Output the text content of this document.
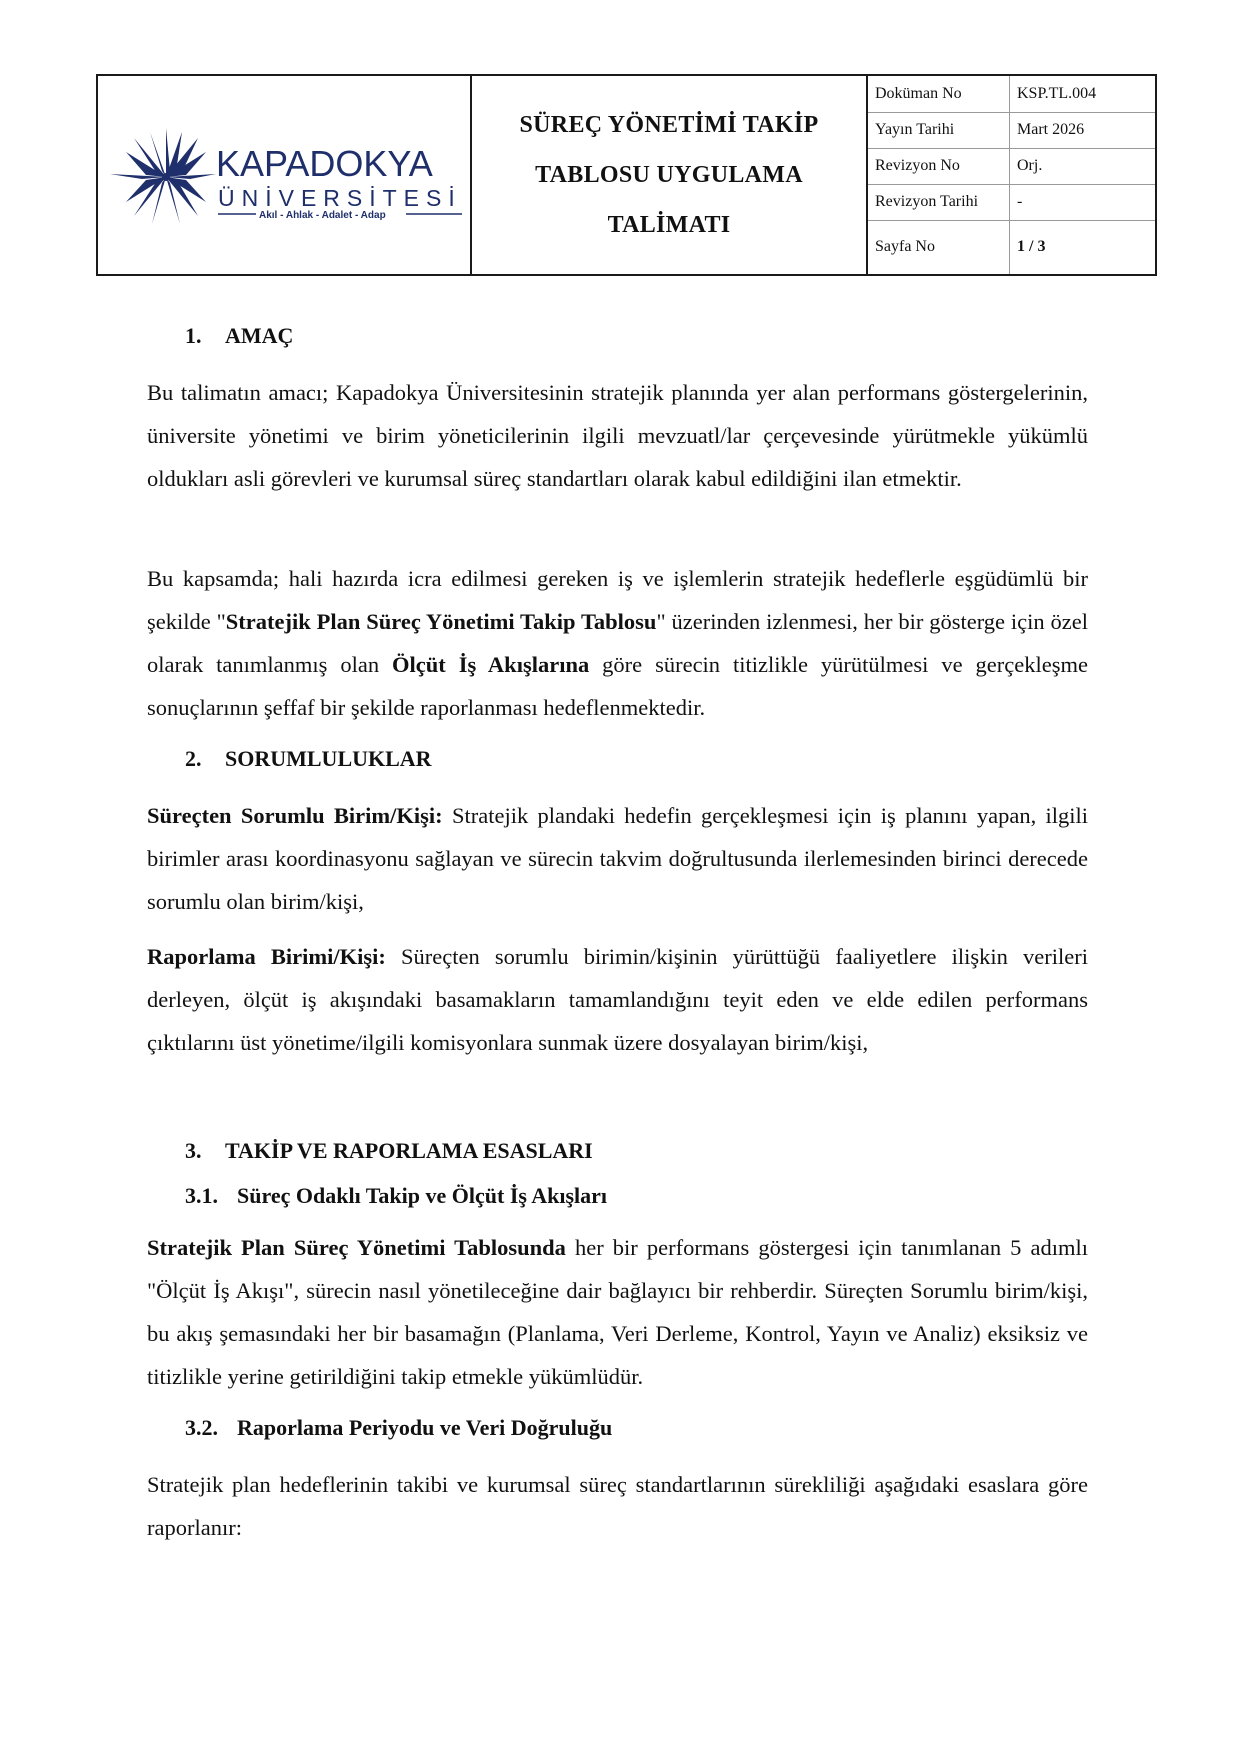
KAPADOKYA
ÜNİVERSİTESİ
Akıl - Ahlak - Adalet - Adap
SÜREÇ YÖNETİMİ TAKİP
TABLOSU UYGULAMA
TALİMATI
Doküman No	KSP.TL.004
Yayın Tarihi	Mart 2026
Revizyon No	Orj.
Revizyon Tarihi	-
Sayfa No	1 / 3
1. AMAÇ
Bu talimatın amacı; Kapadokya Üniversitesinin stratejik planında yer alan performans göstergelerinin, üniversite yönetimi ve birim yöneticilerinin ilgili mevzuatl/lar çerçevesinde yürütmekle yükümlü oldukları asli görevleri ve kurumsal süreç standartları olarak kabul edildiğini ilan etmektir.
Bu kapsamda; hali hazırda icra edilmesi gereken iş ve işlemlerin stratejik hedeflerle eşgüdümlü bir şekilde "Stratejik Plan Süreç Yönetimi Takip Tablosu" üzerinden izlenmesi, her bir gösterge için özel olarak tanımlanmış olan Ölçüt İş Akışlarına göre sürecin titizlikle yürütülmesi ve gerçekleşme sonuçlarının şeffaf bir şekilde raporlanması hedeflenmektedir.
2. SORUMLULUKLAR
Süreçten Sorumlu Birim/Kişi: Stratejik plandaki hedefin gerçekleşmesi için iş planını yapan, ilgili birimler arası koordinasyonu sağlayan ve sürecin takvim doğrultusunda ilerlemesinden birinci derecede sorumlu olan birim/kişi,
Raporlama Birimi/Kişi: Süreçten sorumlu birimin/kişinin yürüttüğü faaliyetlere ilişkin verileri derleyen, ölçüt iş akışındaki basamakların tamamlandığını teyit eden ve elde edilen performans çıktılarını üst yönetime/ilgili komisyonlara sunmak üzere dosyalayan birim/kişi,
3. TAKİP VE RAPORLAMA ESASLARI
3.1. Süreç Odaklı Takip ve Ölçüt İş Akışları
Stratejik Plan Süreç Yönetimi Tablosunda her bir performans göstergesi için tanımlanan 5 adımlı "Ölçüt İş Akışı", sürecin nasıl yönetileceğine dair bağlayıcı bir rehberdir. Süreçten Sorumlu birim/kişi, bu akış şemasındaki her bir basamağın (Planlama, Veri Derleme, Kontrol, Yayın ve Analiz) eksiksiz ve titizlikle yerine getirildiğini takip etmekle yükümlüdür.
3.2. Raporlama Periyodu ve Veri Doğruluğu
Stratejik plan hedeflerinin takibi ve kurumsal süreç standartlarının sürekliliği aşağıdaki esaslara göre raporlanır:
